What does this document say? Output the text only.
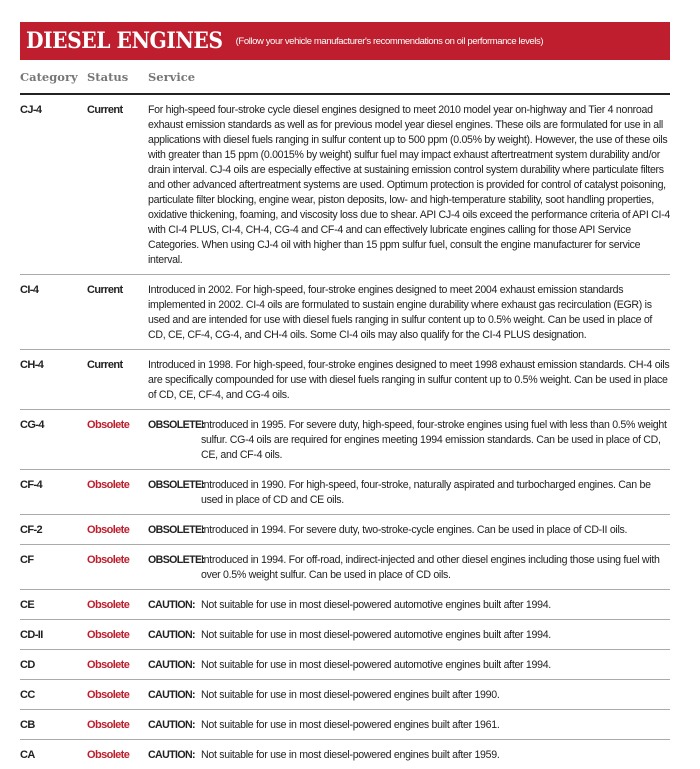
DIESEL ENGINES (Follow your vehicle manufacturer's recommendations on oil performance levels)
Category Status	Service
CJ-4	Current	For high-speed four-stroke cycle diesel engines designed to meet 2010 model year on-highway and Tier 4 nonroad exhaust emission standards as well as for previous model year diesel engines. These oils are formulated for use in all applications with diesel fuels ranging in sulfur content up to 500 ppm (0.05% by weight). However, the use of these oils with greater than 15 ppm (0.0015% by weight) sulfur fuel may impact exhaust aftertreatment system durability and/or drain interval. CJ-4 oils are especially effective at sustaining emission control system durability where particulate filters and other advanced aftertreatment systems are used. Optimum protection is provided for control of catalyst poisoning, particulate filter blocking, engine wear, piston deposits, low- and high-temperature stability, soot handling properties, oxidative thickening, foaming, and viscosity loss due to shear. API CJ-4 oils exceed the performance criteria of API CI-4 with CI-4 PLUS, CI-4, CH-4, CG-4 and CF-4 and can effectively lubricate engines calling for those API Service Categories. When using CJ-4 oil with higher than 15 ppm sulfur fuel, consult the engine manufacturer for service interval.
CI-4	Current	Introduced in 2002. For high-speed, four-stroke engines designed to meet 2004 exhaust emission standards implemented in 2002. CI-4 oils are formulated to sustain engine durability where exhaust gas recirculation (EGR) is used and are intended for use with diesel fuels ranging in sulfur content up to 0.5% weight. Can be used in place of CD, CE, CF-4, CG-4, and CH-4 oils. Some CI-4 oils may also qualify for the CI-4 PLUS designation.
CH-4	Current	Introduced in 1998. For high-speed, four-stroke engines designed to meet 1998 exhaust emission standards. CH-4 oils are specifically compounded for use with diesel fuels ranging in sulfur content up to 0.5% weight. Can be used in place of CD, CE, CF-4, and CG-4 oils.
CG-4	Obsolete	OBSOLETE:
Introduced in 1995. For severe duty, high-speed, four-stroke engines using fuel with less than 0.5% weight sulfur. CG-4 oils are required for engines meeting 1994 emission standards. Can be used in place of CD, CE, and CF-4 oils.
CF-4	Obsolete	OBSOLETE:
Introduced in 1990. For high-speed, four-stroke, naturally aspirated and turbocharged engines. Can be used in place of CD and CE oils.
CF-2	Obsolete	OBSOLETE:
Introduced in 1994. For severe duty, two-stroke-cycle engines. Can be used in place of CD-II oils.
CF	Obsolete	OBSOLETE:
Introduced in 1994. For off-road, indirect-injected and other diesel engines including those using fuel with over 0.5% weight sulfur. Can be used in place of CD oils.
CE	Obsolete	CAUTION: Not suitable for use in most diesel-powered automotive engines built after 1994.
CD-II	Obsolete	CAUTION: Not suitable for use in most diesel-powered automotive engines built after 1994.
CD	Obsolete	CAUTION: Not suitable for use in most diesel-powered automotive engines built after 1994.
CC	Obsolete	CAUTION: Not suitable for use in most diesel-powered engines built after 1990.
CB	Obsolete	CAUTION: Not suitable for use in most diesel-powered engines built after 1961.
CA	Obsolete	CAUTION: Not suitable for use in most diesel-powered engines built after 1959.
